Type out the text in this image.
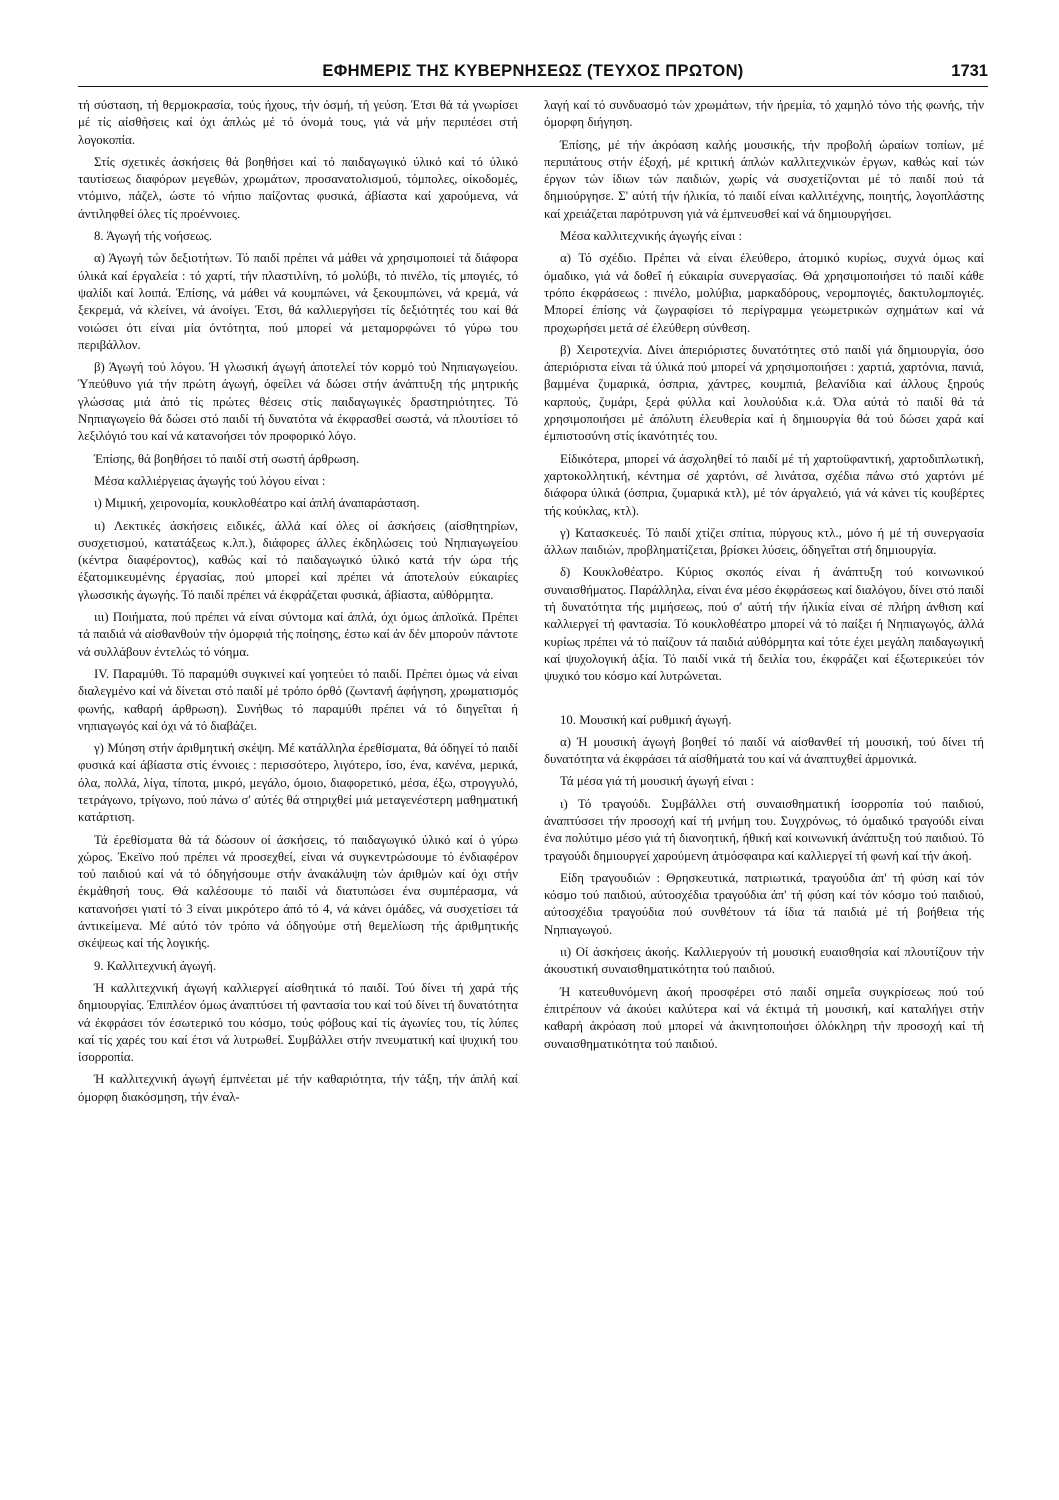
ΕΦΗΜΕΡΙΣ ΤΗΣ ΚΥΒΕΡΝΗΣΕΩΣ (ΤΕΥΧΟΣ ΠΡΩΤΟΝ)	1731

τή σύσταση, τή θερμοκρασία, τούς ήχους, τήν όσμή, τή γεύση. Έτσι θά τά γνωρίσει μέ τίς αίσθήσεις καί όχι άπλώς μέ τό όνομά τους, γιά νά μήν περιπέσει στή λογοκοπία.

Στίς σχετικές άσκήσεις θά βοηθήσει καί τό παιδαγωγικό ύλικό καί τό ύλικό ταυτίσεως διαφόρων μεγεθών, χρωμάτων, προσανατολισμού, τόμπολες, οίκοδομές, ντόμινο, πάζελ, ώστε τό νήπιο παίζοντας φυσικά, άβίαστα καί χαρούμενα, νά άντιληφθεί όλες τίς προέννοιες.

8. Άγωγή τής νοήσεως.

α) Άγωγή τών δεξιοτήτων. Τό παιδί πρέπει νά μάθει νά χρησιμοποιεί τά διάφορα ύλικά καί έργαλεία : τό χαρτί, τήν πλαστιλίνη, τό μολύβι, τό πινέλο, τίς μπογιές, τό ψαλίδι καί λοιπά. Έπίσης, νά μάθει νά κουμπώνει, νά ξεκουμπώνει, νά κρεμά, νά ξεκρεμά, νά κλείνει, νά άνοίγει. Έτσι, θά καλλιεργήσει τίς δεξιότητές του καί θά νοιώσει ότι είναι μία όντότητα, πού μπορεί νά μεταμορφώνει τό γύρω του περιβάλλον.

β) Άγωγή τού λόγου. Ή γλωσική άγωγή άποτελεί τόν κορμό τού Νηπιαγωγείου. Ύπεύθυνο γιά τήν πρώτη άγωγή, όφείλει νά δώσει στήν άνάπτυξη τής μητρικής γλώσσας μιά άπό τίς πρώτες θέσεις στίς παιδαγωγικές δραστηριότητες. Τό Νηπιαγωγείο θά δώσει στό παιδί τή δυνατότα νά έκφρασθεί σωστά, νά πλουτίσει τό λεξιλόγιό του καί νά κατανοήσει τόν προφορικό λόγο.

Έπίσης, θά βοηθήσει τό παιδί στή σωστή άρθρωση.

Μέσα καλλιέργειας άγωγής τού λόγου είναι :

ι) Μιμική, χειρονομία, κουκλοθέατρο καί άπλή άναπαράσταση.

ιι) Λεκτικές άσκήσεις ειδικές, άλλά καί όλες οί άσκήσεις (αίσθητηρίων, συσχετισμού, κατατάξεως κ.λπ.), διάφορες άλλες έκδηλώσεις τού Νηπιαγωγείου (κέντρα διαφέροντος), καθώς καί τό παιδαγωγικό ύλικό κατά τήν ώρα τής έξατομικευμένης έργασίας, πού μπορεί καί πρέπει νά άποτελούν εύκαιρίες γλωσσικής άγωγής. Τό παιδί πρέπει νά έκφράζεται φυσικά, άβίαστα, αύθόρμητα.

ιιι) Ποιήματα, πού πρέπει νά είναι σύντομα καί άπλά, όχι όμως άπλοϊκά. Πρέπει τά παιδιά νά αίσθανθούν τήν όμορφιά τής ποίησης, έστω καί άν δέν μπορούν πάντοτε νά συλλάβουν έντελώς τό νόημα.

IV. Παραμύθι. Τό παραμύθι συγκινεί καί γοητεύει τό παιδί. Πρέπει όμως νά είναι διαλεγμένο καί νά δίνεται στό παιδί μέ τρόπο όρθό (ζωντανή άφήγηση, χρωματισμός φωνής, καθαρή άρθρωση). Συνήθως τό παραμύθι πρέπει νά τό διηγεΐται ή νηπιαγωγός καί όχι νά τό διαβάζει.

γ) Μύηση στήν άριθμητική σκέψη. Μέ κατάλληλα έρεθίσματα, θά όδηγεί τό παιδί φυσικά καί άβίαστα στίς έννοιες : περισσότερο, λιγότερο, ίσο, ένα, κανένα, μερικά, όλα, πολλά, λίγα, τίποτα, μικρό, μεγάλο, όμοιο, διαφορετικό, μέσα, έξω, στρογγυλό, τετράγωνο, τρίγωνο, πού πάνω σ' αύτές θά στηριχθεί μιά μεταγενέστερη μαθηματική κατάρτιση.

Τά έρεθίσματα θά τά δώσουν οί άσκήσεις, τό παιδαγωγικό ύλικό καί ό γύρω χώρος. Έκεϊνο πού πρέπει νά προσεχθεί, είναι νά συγκεντρώσουμε τό ένδιαφέρον τού παιδιού καί νά τό όδηγήσουμε στήν άνακάλυψη τών άριθμών καί όχι στήν έκμάθησή τους. Θά καλέσουμε τό παιδί νά διατυπώσει ένα συμπέρασμα, νά κατανοήσει γιατί τό 3 είναι μικρότερο άπό τό 4, νά κάνει όμάδες, νά συσχετίσει τά άντικείμενα. Μέ αύτό τόν τρόπο νά όδηγούμε στή θεμελίωση τής άριθμητικής σκέψεως καί τής λογικής.

9. Καλλιτεχνική άγωγή.

Ή καλλιτεχνική άγωγή καλλιεργεί αίσθητικά τό παιδί. Τού δίνει τή χαρά τής δημιουργίας. Έπιπλέον όμως άναπτύσει τή φαντασία του καί τού δίνει τή δυνατότητα νά έκφράσει τόν έσωτερικό του κόσμο, τούς φόβους καί τίς άγωνίες του, τίς λύπες καί τίς χαρές του καί έτσι νά λυτρωθεί. Συμβάλλει στήν πνευματική καί ψυχική του ίσορροπία.

Ή καλλιτεχνική άγωγή έμπνέεται μέ τήν καθαριότητα, τήν τάξη, τήν άπλή καί όμορφη διακόσμηση, τήν έναλ-

λαγή καί τό συνδυασμό τών χρωμάτων, τήν ήρεμία, τό χαμηλό τόνο τής φωνής, τήν όμορφη διήγηση.

Έπίσης, μέ τήν άκρόαση καλής μουσικής, τήν προβολή ώραίων τοπίων, μέ περιπάτους στήν έξοχή, μέ κριτική άπλών καλλιτεχνικών έργων, καθώς καί τών έργων τών ίδιων τών παιδιών, χωρίς νά συσχετίζονται μέ τό παιδί πού τά δημιούργησε. Σ' αύτή τήν ήλικία, τό παιδί είναι καλλιτέχνης, ποιητής, λογοπλάστης καί χρειάζεται παρότρυνση γιά νά έμπνευσθεί καί νά δημιουργήσει.

Μέσα καλλιτεχνικής άγωγής είναι :

α) Τό σχέδιο. Πρέπει νά είναι έλεύθερο, άτομικό κυρίως, συχνά όμως καί όμαδικο, γιά νά δοθεΐ ή εύκαιρία συνεργασίας. Θά χρησιμοποιήσει τό παιδί κάθε τρόπο έκφράσεως : πινέλο, μολύβια, μαρκαδόρους, νερομπογιές, δακτυλομπογιές. Μπορεί έπίσης νά ζωγραφίσει τό περίγραμμα γεωμετρικών σχημάτων καί νά προχωρήσει μετά σέ έλεύθερη σύνθεση.

β) Χειροτεχνία. Δίνει άπεριόριστες δυνατότητες στό παιδί γιά δημιουργία, όσο άπεριόριστα είναι τά ύλικά πού μπορεί νά χρησιμοποιήσει : χαρτιά, χαρτόνια, πανιά, βαμμένα ζυμαρικά, όσπρια, χάντρες, κουμπιά, βελανίδια καί άλλους ξηρούς καρπούς, ζυμάρι, ξερά φύλλα καί λουλούδια κ.ά. Όλα αύτά τό παιδί θά τά χρησιμοποιήσει μέ άπόλυτη έλευθερία καί ή δημιουργία θά τού δώσει χαρά καί έμπιστοσύνη στίς ίκανότητές του.

Είδικότερα, μπορεί νά άσχοληθεί τό παιδί μέ τή χαρτοϋφαντική, χαρτοδιπλωτική, χαρτοκολλητική, κέντημα σέ χαρτόνι, σέ λινάτσα, σχέδια πάνω στό χαρτόνι μέ διάφορα ύλικά (όσπρια, ζυμαρικά κτλ), μέ τόν άργαλειό, γιά νά κάνει τίς κουβέρτες τής κούκλας, κτλ).

γ) Κατασκευές. Τό παιδί χτίζει σπίτια, πύργους κτλ., μόνο ή μέ τή συνεργασία άλλων παιδιών, προβληματίζεται, βρίσκει λύσεις, όδηγεΐται στή δημιουργία.

δ) Κουκλοθέατρο. Κύριος σκοπός είναι ή άνάπτυξη τού κοινωνικού συναισθήματος. Παράλληλα, είναι ένα μέσο έκφράσεως καί διαλόγου, δίνει στό παιδί τή δυνατότητα τής μιμήσεως, πού σ' αύτή τήν ήλικία είναι σέ πλήρη άνθιση καί καλλιεργεί τή φαντασία. Τό κουκλοθέατρο μπορεί νά τό παίξει ή Νηπιαγωγός, άλλά κυρίως πρέπει νά τό παίζουν τά παιδιά αύθόρμητα καί τότε έχει μεγάλη παιδαγωγική καί ψυχολογική άξία. Τό παιδί νικά τή δειλία του, έκφράζει καί έξωτερικεύει τόν ψυχικό του κόσμο καί λυτρώνεται.

10. Μουσική καί ρυθμική άγωγή.

α) Ή μουσική άγωγή βοηθεί τό παιδί νά αίσθανθεί τή μουσική, τού δίνει τή δυνατότητα νά έκφράσει τά αίσθήματά του καί νά άναπτυχθεί άρμονικά.

Τά μέσα γιά τή μουσική άγωγή είναι :

ι) Τό τραγούδι. Συμβάλλει στή συναισθηματική ίσορροπία τού παιδιού, άναπτύσσει τήν προσοχή καί τή μνήμη του. Συγχρόνως, τό όμαδικό τραγούδι είναι ένα πολύτιμο μέσο γιά τή διανοητική, ήθική καί κοινωνική άνάπτυξη τού παιδιού. Τό τραγούδι δημιουργεί χαρούμενη άτμόσφαιρα καί καλλιεργεί τή φωνή καί τήν άκοή.

Είδη τραγουδιών : Θρησκευτικά, πατριωτικά, τραγούδια άπ' τή φύση καί τόν κόσμο τού παιδιού, αύτοσχέδια τραγούδια άπ' τή φύση καί τόν κόσμο τού παιδιού, αύτοσχέδια τραγούδια πού συνθέτουν τά ίδια τά παιδιά μέ τή βοήθεια τής Νηπιαγωγού.

ιι) Οί άσκήσεις άκοής. Καλλιεργούν τή μουσική ευαισθησία καί πλουτίζουν τήν άκουστική συναισθηματικότητα τού παιδιού.

Ή κατευθυνόμενη άκοή προσφέρει στό παιδί σημεΐα συγκρίσεως πού τού έπιτρέπουν νά άκούει καλύτερα καί νά έκτιμά τή μουσική, καί καταλήγει στήν καθαρή άκρόαση πού μπορεί νά άκινητοποιήσει όλόκληρη τήν προσοχή καί τή συναισθηματικότητα τού παιδιού.
